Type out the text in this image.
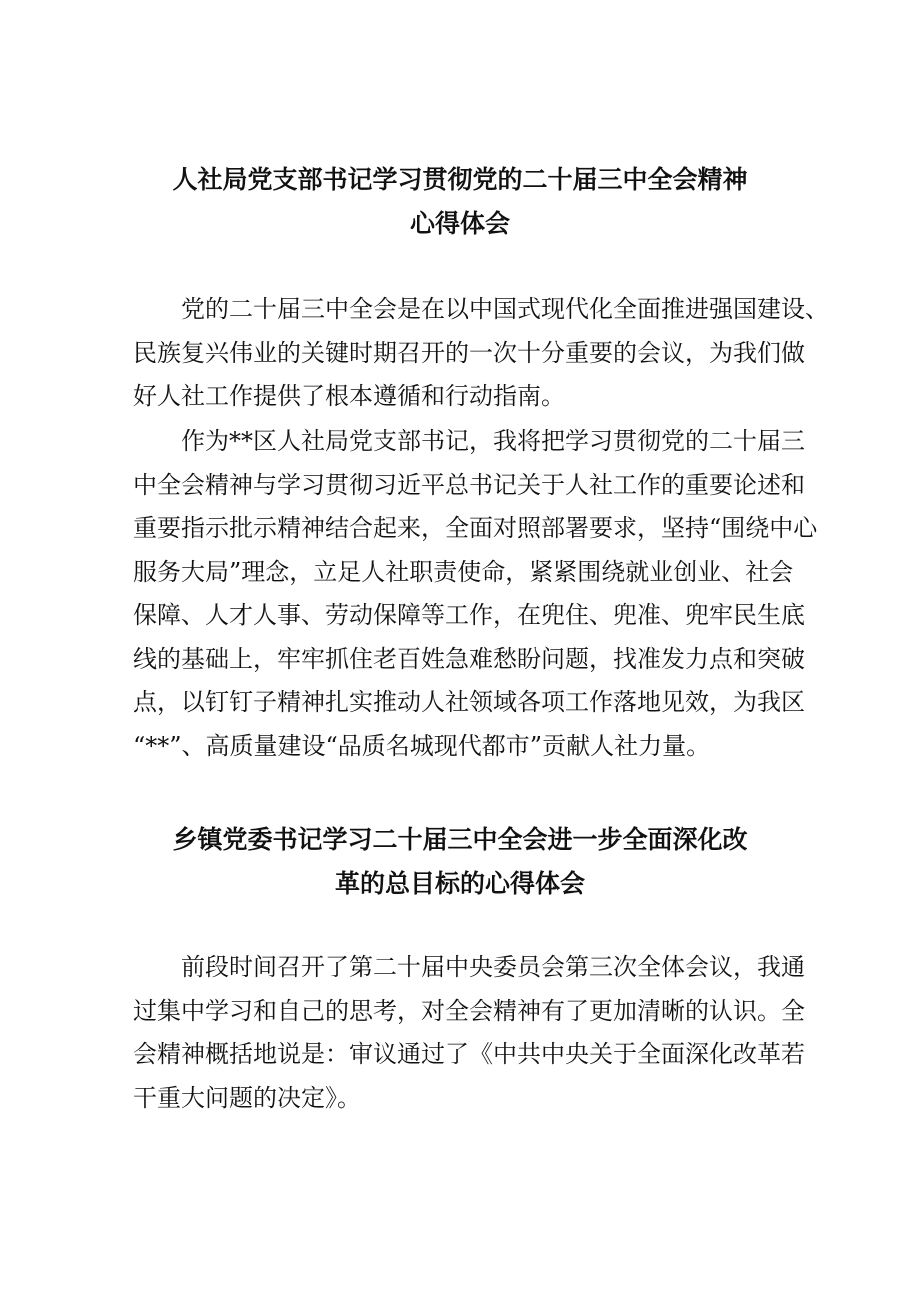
人社局党支部书记学习贯彻党的二十届三中全会精神
心得体会
党的二十届三中全会是在以中国式现代化全面推进强国建设、
民族复兴伟业的关键时期召开的一次十分重要的会议，为我们做
好人社工作提供了根本遵循和行动指南。
作为**区人社局党支部书记，我将把学习贯彻党的二十届三
中全会精神与学习贯彻习近平总书记关于人社工作的重要论述和
重要指示批示精神结合起来，全面对照部署要求，坚持“围绕中心
服务大局”理念，立足人社职责使命，紧紧围绕就业创业、社会
保障、人才人事、劳动保障等工作，在兜住、兜准、兜牢民生底
线的基础上，牢牢抓住老百姓急难愁盼问题，找准发力点和突破
点，以钉钉子精神扎实推动人社领域各项工作落地见效，为我区
“**”、高质量建设“品质名城现代都市”贡献人社力量。
乡镇党委书记学习二十届三中全会进一步全面深化改
革的总目标的心得体会
前段时间召开了第二十届中央委员会第三次全体会议，我通
过集中学习和自己的思考，对全会精神有了更加清晰的认识。全
会精神概括地说是：审议通过了《中共中央关于全面深化改革若
干重大问题的决定》。
